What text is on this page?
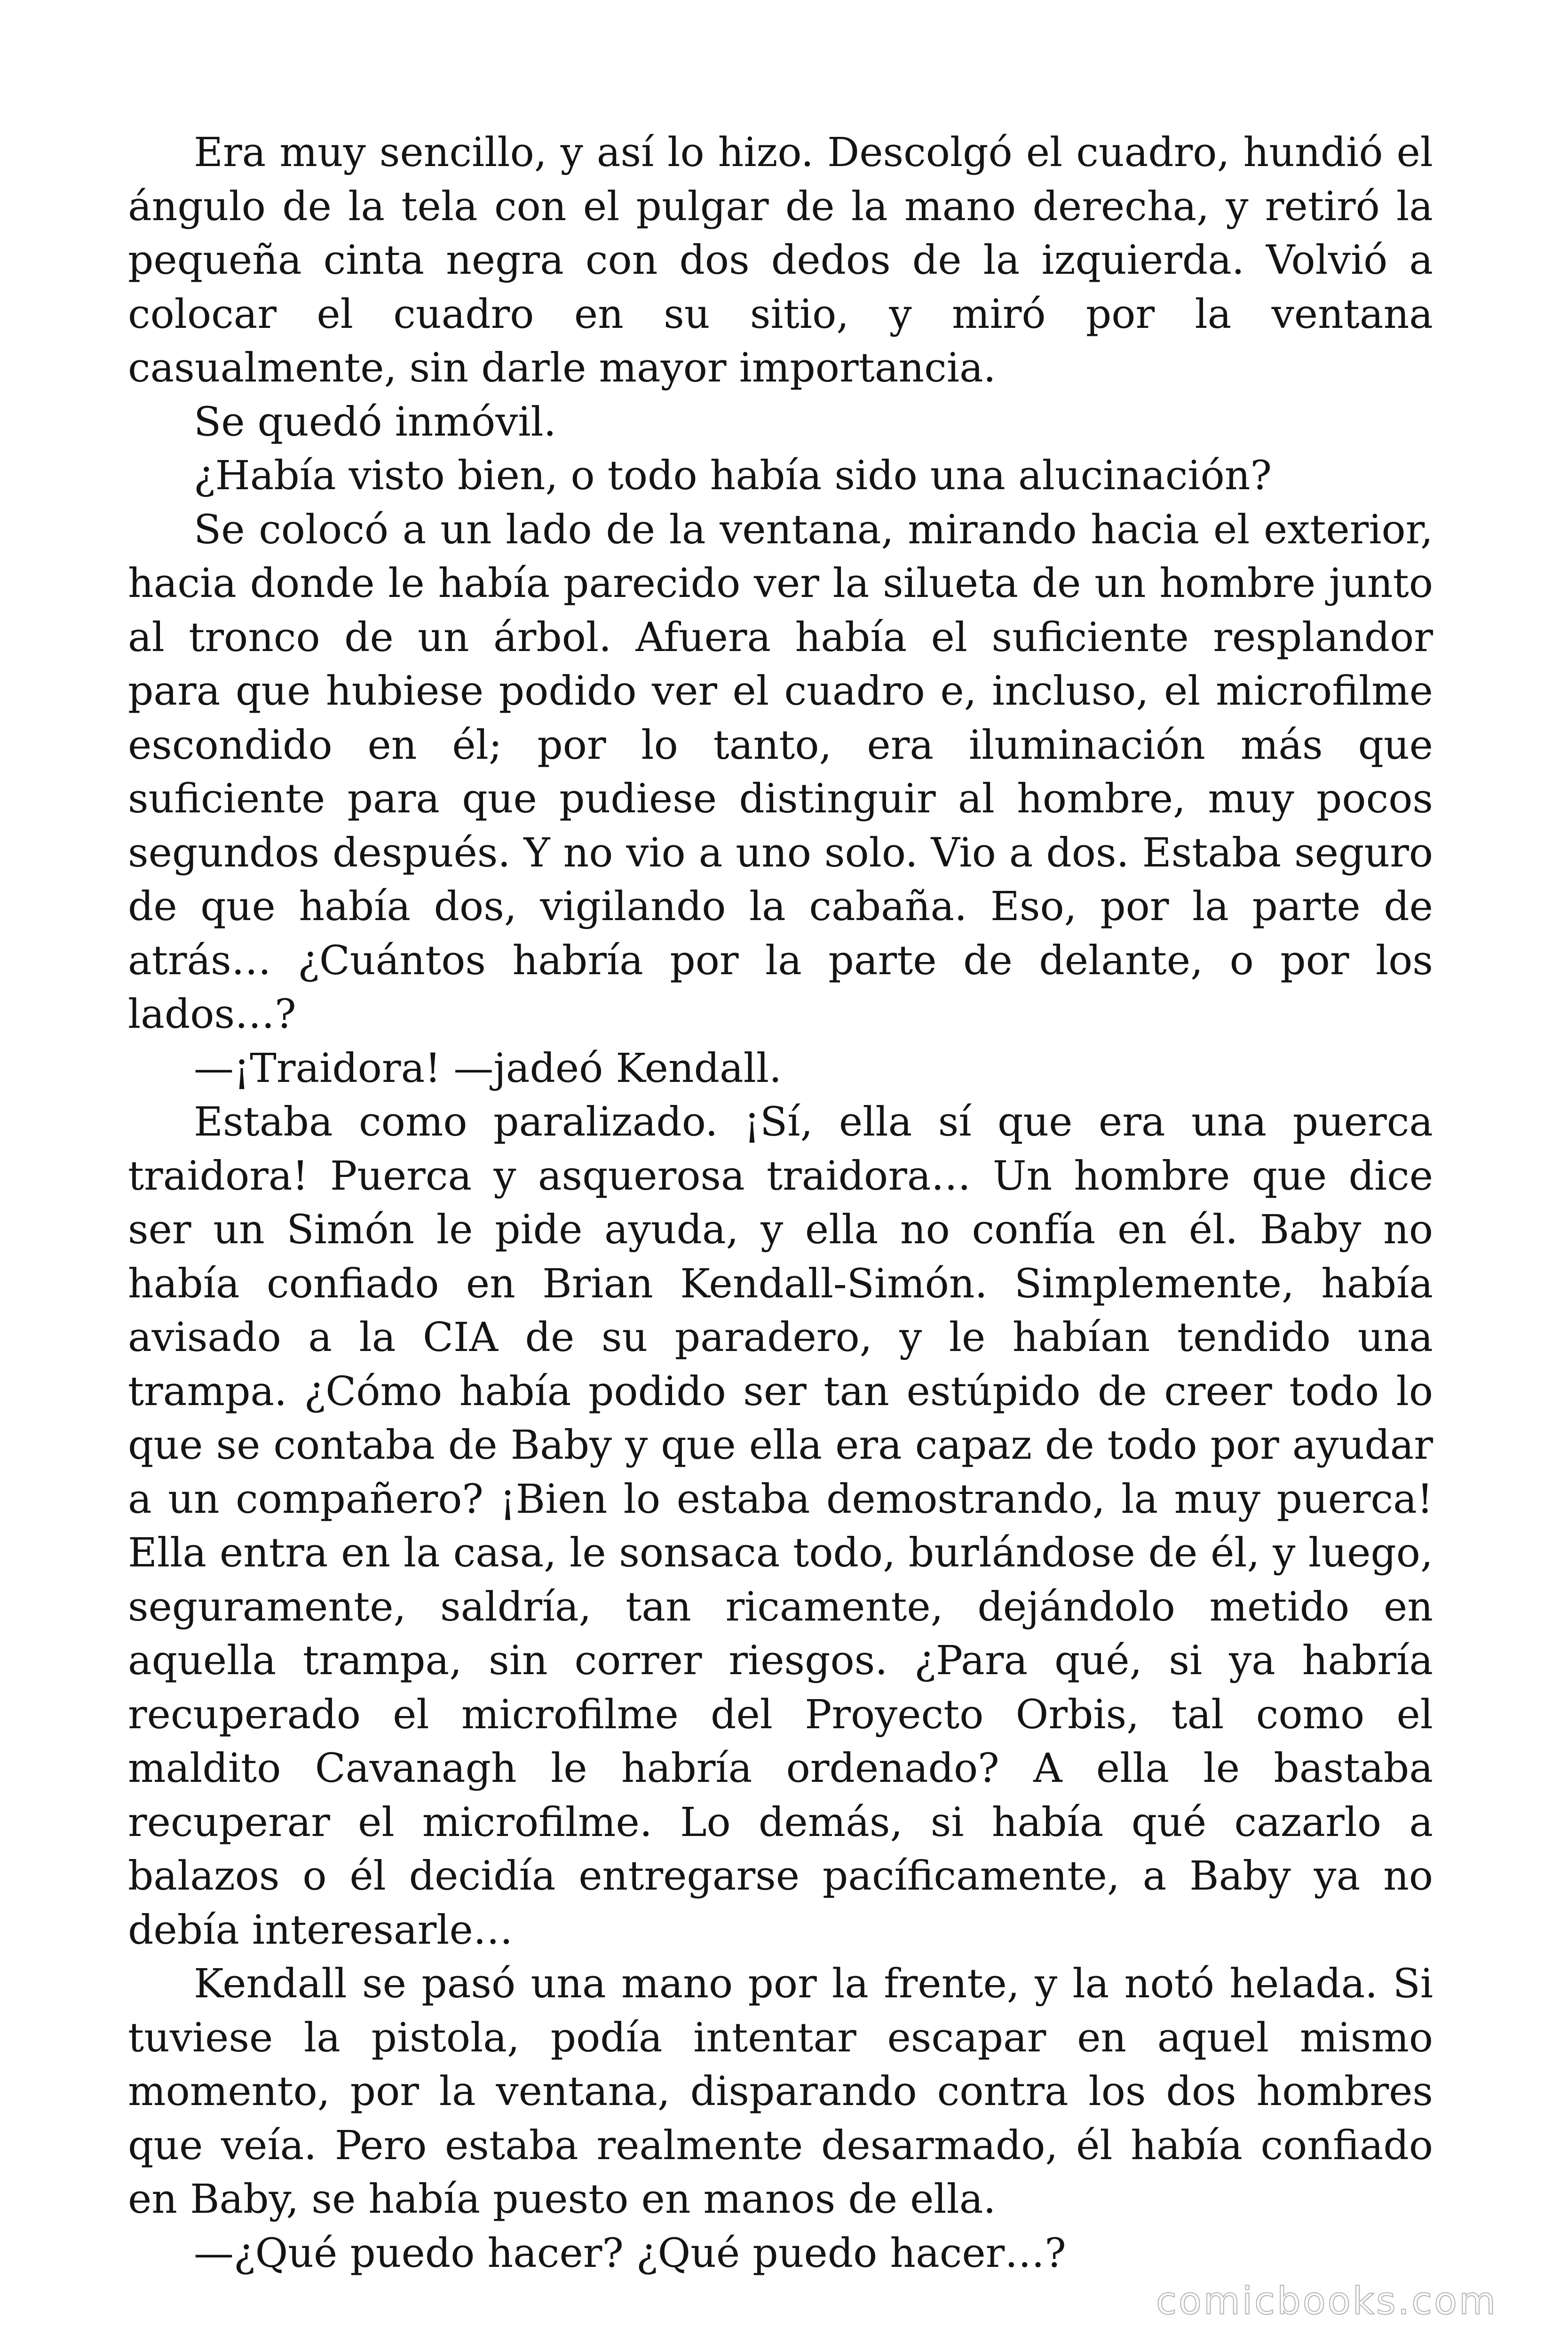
Era muy sencillo, y así lo hizo. Descolgó el cuadro, hundió el ángulo de la tela con el pulgar de la mano derecha, y retiró la pequeña cinta negra con dos dedos de la izquierda. Volvió a colocar el cuadro en su sitio, y miró por la ventana casualmente, sin darle mayor importancia.

Se quedó inmóvil.

¿Había visto bien, o todo había sido una alucinación?

Se colocó a un lado de la ventana, mirando hacia el exterior, hacia donde le había parecido ver la silueta de un hombre junto al tronco de un árbol. Afuera había el suficiente resplandor para que hubiese podido ver el cuadro e, incluso, el microfilme escondido en él; por lo tanto, era iluminación más que suficiente para que pudiese distinguir al hombre, muy pocos segundos después. Y no vio a uno solo. Vio a dos. Estaba seguro de que había dos, vigilando la cabaña. Eso, por la parte de atrás… ¿Cuántos habría por la parte de delante, o por los lados…?

—¡Traidora! —jadeó Kendall.

Estaba como paralizado. ¡Sí, ella sí que era una puerca traidora! Puerca y asquerosa traidora… Un hombre que dice ser un Simón le pide ayuda, y ella no confía en él. Baby no había confiado en Brian Kendall-Simón. Simplemente, había avisado a la CIA de su paradero, y le habían tendido una trampa. ¿Cómo había podido ser tan estúpido de creer todo lo que se contaba de Baby y que ella era capaz de todo por ayudar a un compañero? ¡Bien lo estaba demostrando, la muy puerca! Ella entra en la casa, le sonsaca todo, burlándose de él, y luego, seguramente, saldría, tan ricamente, dejándolo metido en aquella trampa, sin correr riesgos. ¿Para qué, si ya habría recuperado el microfilme del Proyecto Orbis, tal como el maldito Cavanagh le habría ordenado? A ella le bastaba recuperar el microfilme. Lo demás, si había qué cazarlo a balazos o él decidía entregarse pacíficamente, a Baby ya no debía interesarle…

Kendall se pasó una mano por la frente, y la notó helada. Si tuviese la pistola, podía intentar escapar en aquel mismo momento, por la ventana, disparando contra los dos hombres que veía. Pero estaba realmente desarmado, él había confiado en Baby, se había puesto en manos de ella.

—¿Qué puedo hacer? ¿Qué puedo hacer…?

comicbooks.com
